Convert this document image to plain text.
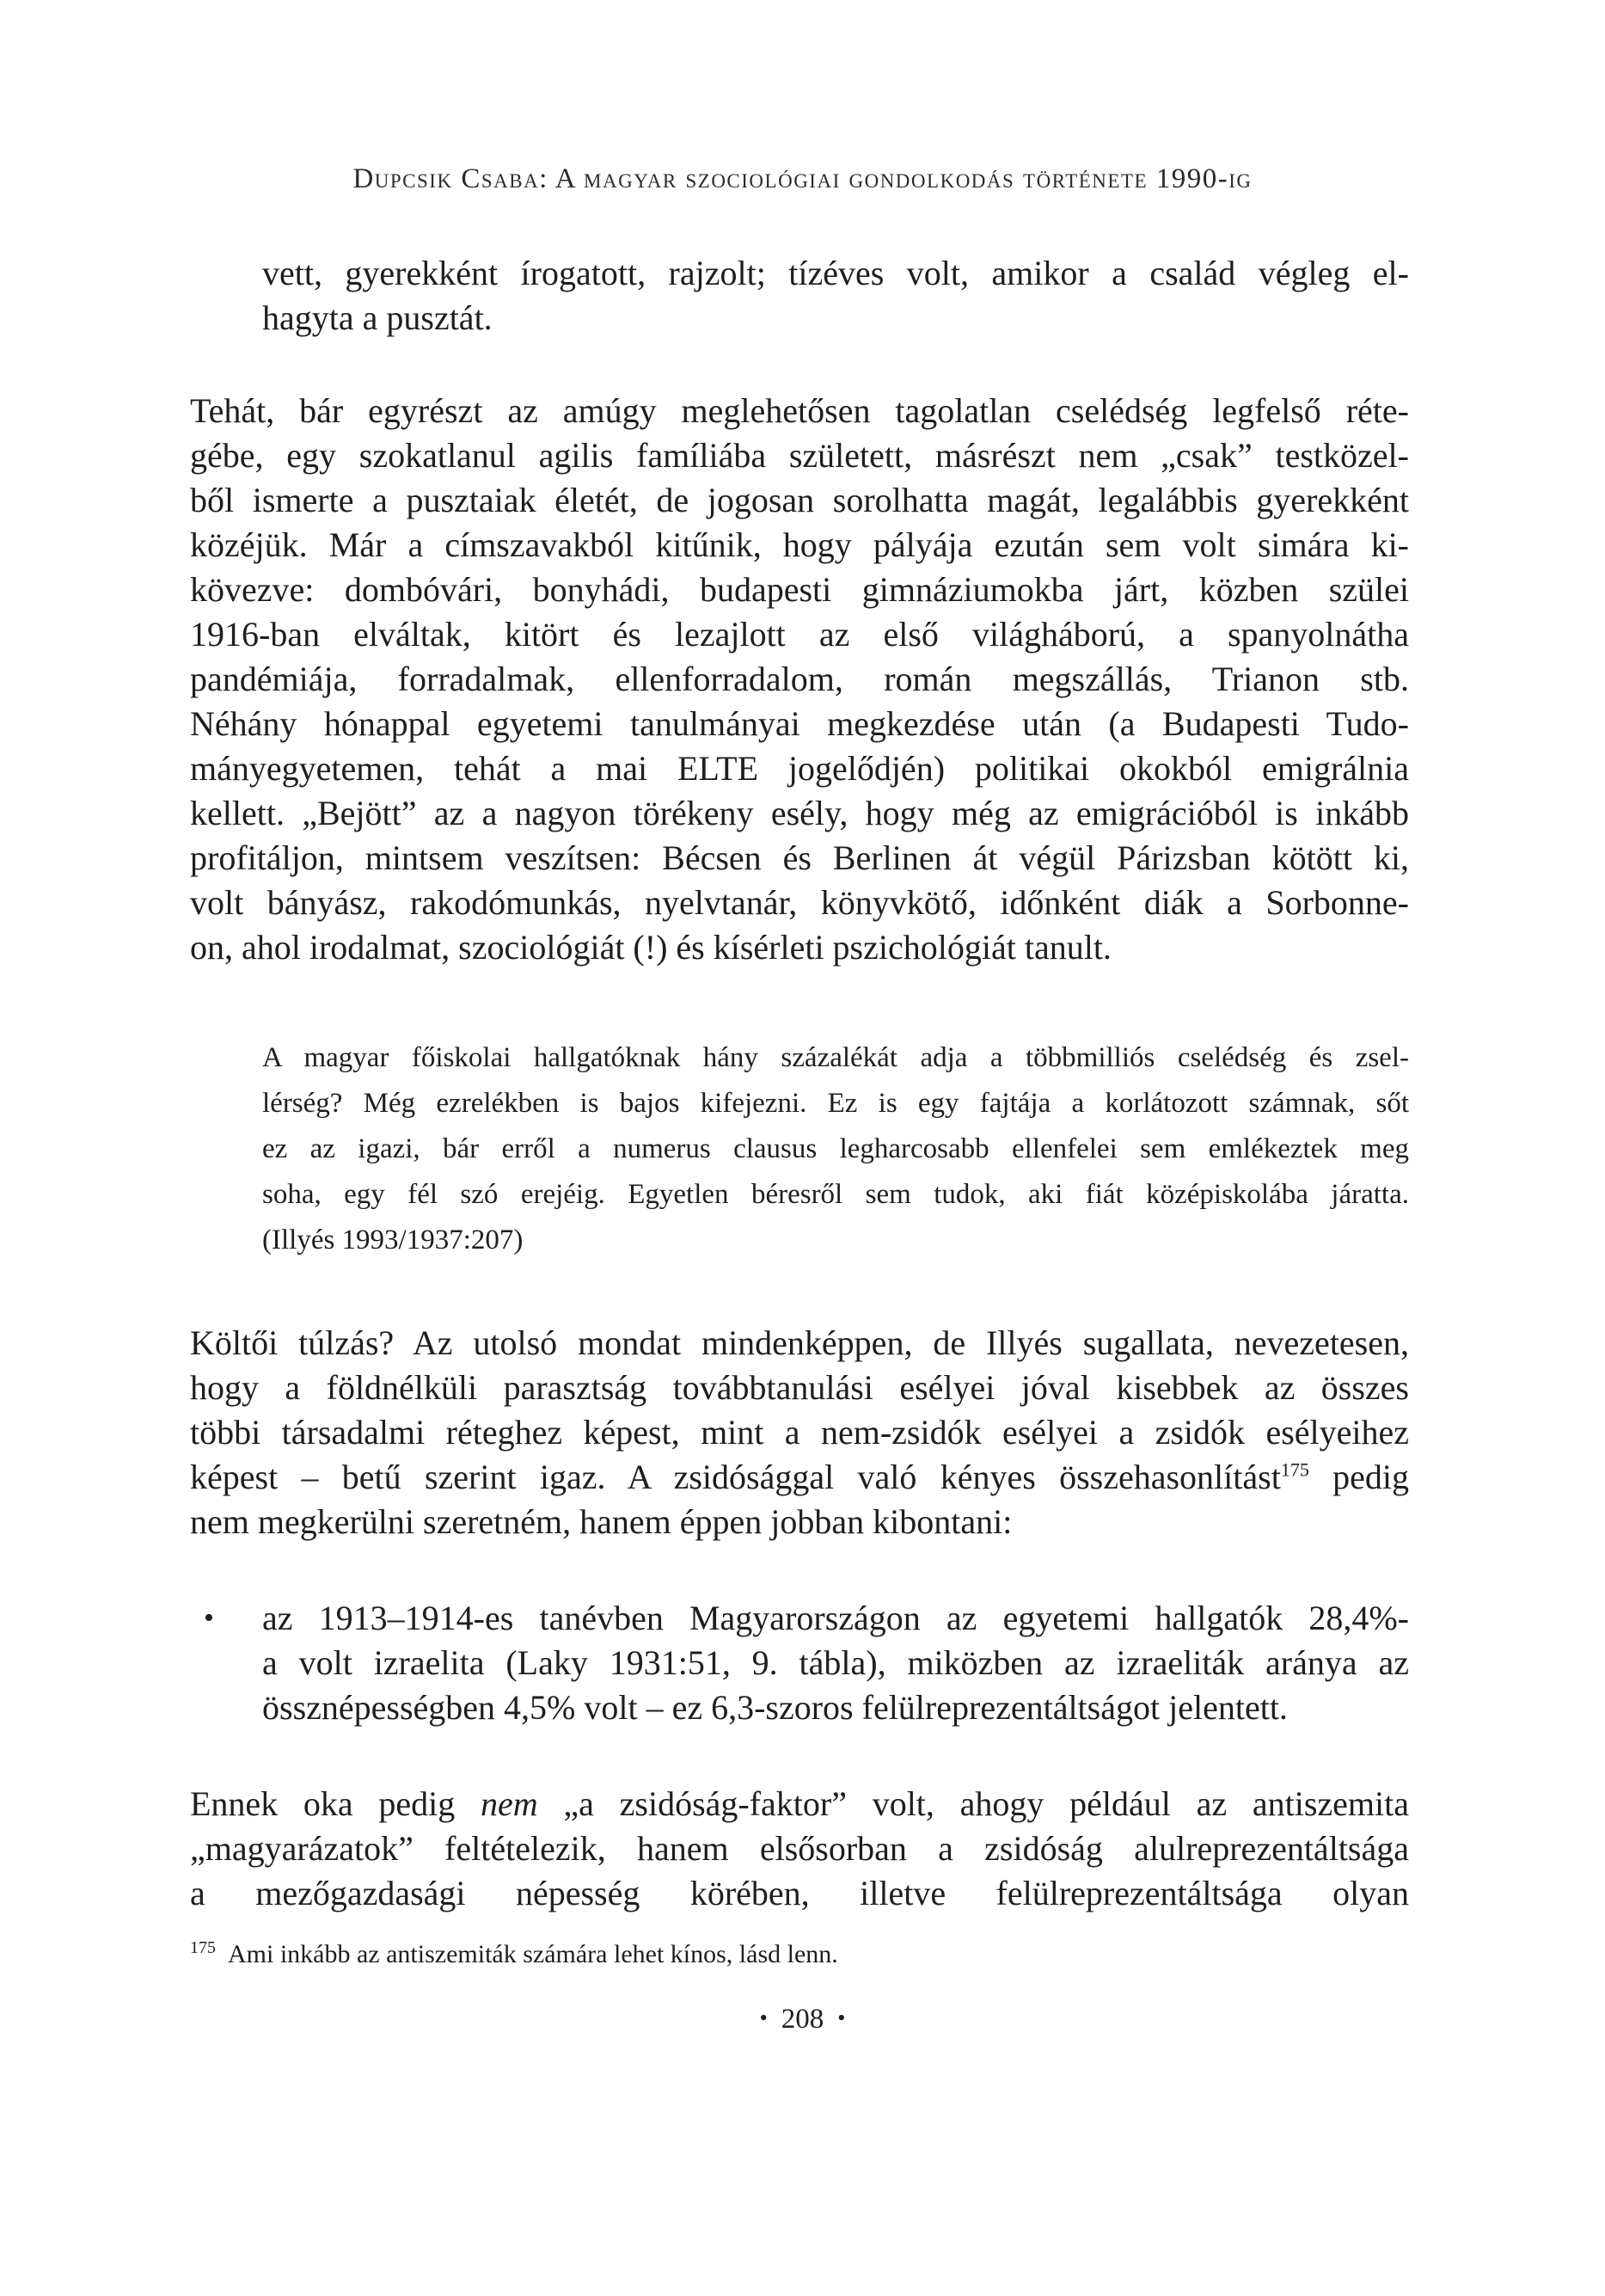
Dupcsik Csaba: A magyar szociológiai gondolkodás története 1990-ig
vett, gyerekként írogatott, rajzolt; tízéves volt, amikor a család végleg el-
hagyta a pusztát.
Tehát, bár egyrészt az amúgy meglehetősen tagolatlan cselédség legfelső réte-
gébe, egy szokatlanul agilis famíliába született, másrészt nem „csak” testközel-
ből ismerte a pusztaiak életét, de jogosan sorolhatta magát, legalábbis gyerekként
közéjük. Már a címszavakból kitűnik, hogy pályája ezután sem volt simára ki-
kövezve: dombóvári, bonyhádi, budapesti gimnáziumokba járt, közben szülei
1916-ban elváltak, kitört és lezajlott az első világháború, a spanyolnátha
pandémiája, forradalmak, ellenforradalom, román megszállás, Trianon stb.
Néhány hónappal egyetemi tanulmányai megkezdése után (a Budapesti Tudo-
mányegyetemen, tehát a mai ELTE jogelődjén) politikai okokból emigrálnia
kellett. „Bejött” az a nagyon törékeny esély, hogy még az emigrációból is inkább
profitáljon, mintsem veszítsen: Bécsen és Berlinen át végül Párizsban kötött ki,
volt bányász, rakodómunkás, nyelvtanár, könyvkötő, időnként diák a Sorbonne-
on, ahol irodalmat, szociológiát (!) és kísérleti pszichológiát tanult.
A magyar főiskolai hallgatóknak hány százalékát adja a többmilliós cselédség és zsel-
lérség? Még ezrelékben is bajos kifejezni. Ez is egy fajtája a korlátozott számnak, sőt
ez az igazi, bár erről a numerus clausus legharcosabb ellenfelei sem emlékeztek meg
soha, egy fél szó erejéig. Egyetlen béresről sem tudok, aki fiát középiskolába járatta.
(Illyés 1993/1937:207)
Költői túlzás? Az utolsó mondat mindenképpen, de Illyés sugallata, nevezetesen,
hogy a földnélküli parasztság továbbtanulási esélyei jóval kisebbek az összes
többi társadalmi réteghez képest, mint a nem-zsidók esélyei a zsidók esélyeihez
képest – betű szerint igaz. A zsidósággal való kényes összehasonlítást$^{175}$ pedig
nem megkerülni szeretném, hanem éppen jobban kibontani:
• az 1913–1914-es tanévben Magyarországon az egyetemi hallgatók 28,4%-
a volt izraelita (Laky 1931:51, 9. tábla), miközben az izraeliták aránya az
össznépességben 4,5% volt – ez 6,3-szoros felülreprezentáltságot jelentett.
Ennek oka pedig nem „a zsidóság-faktor” volt, ahogy például az antiszemita
„magyarázatok” feltételezik, hanem elsősorban a zsidóság alulreprezentáltsága
a mezőgazdasági népesség körében, illetve felülreprezentáltsága olyan
$^{175}$ Ami inkább az antiszemiták számára lehet kínos, lásd lenn.
• 208 •
